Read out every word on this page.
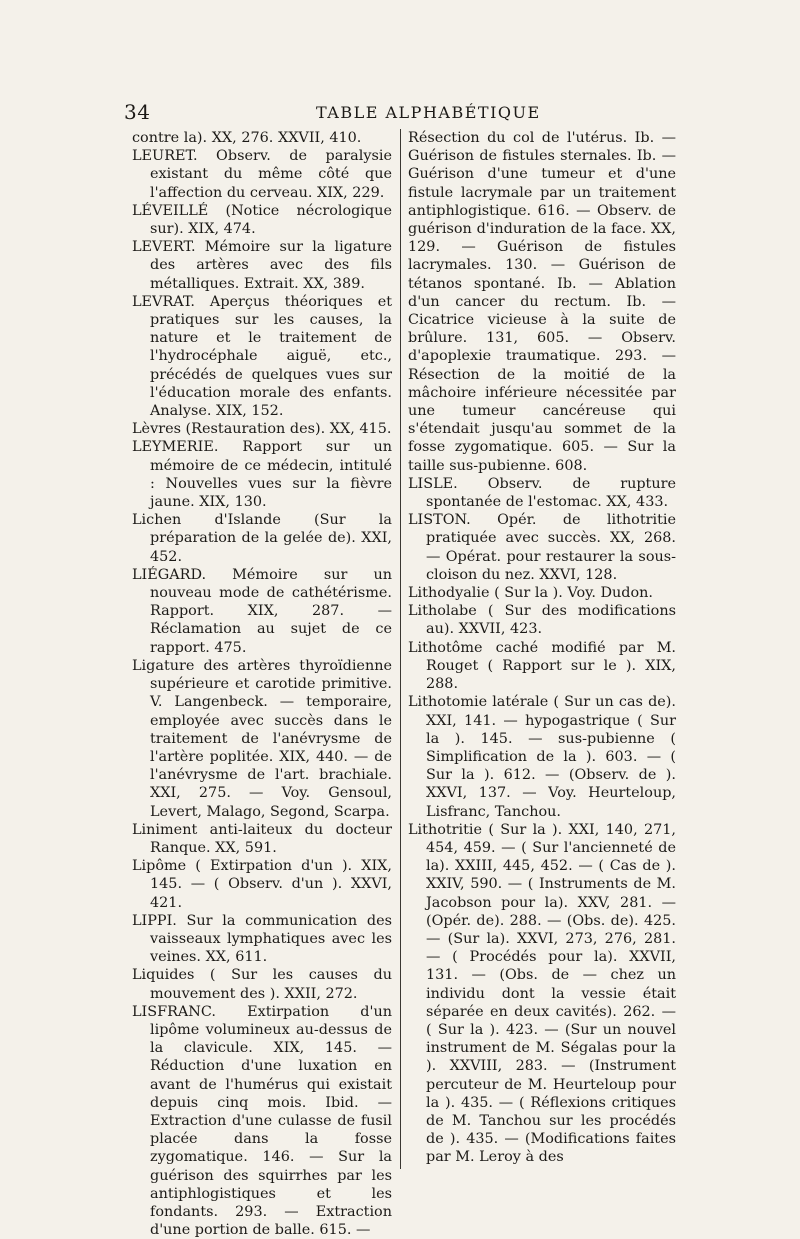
34	TABLE ALPHABÉTIQUE

contre la). XX, 276. XXVII, 410.

LEURET. Observ. de paralysie existant du même côté que l'affection du cerveau. XIX, 229.

LÉVEILLÉ (Notice nécrologique sur). XIX, 474.

LEVERT. Mémoire sur la ligature des artères avec des fils métalliques. Extrait. XX, 389.

LEVRAT. Aperçus théoriques et pratiques sur les causes, la nature et le traitement de l'hydrocéphale aiguë, etc., précédés de quelques vues sur l'éducation morale des enfants. Analyse. XIX, 152.

Lèvres (Restauration des). XX, 415.

LEYMERIE. Rapport sur un mémoire de ce médecin, intitulé : Nouvelles vues sur la fièvre jaune. XIX, 130.

Lichen d'Islande (Sur la préparation de la gelée de). XXI, 452.

LIÉGARD. Mémoire sur un nouveau mode de cathétérisme. Rapport. XIX, 287. — Réclamation au sujet de ce rapport. 475.

Ligature des artères thyroïdienne supérieure et carotide primitive. V. Langenbeck. — temporaire, employée avec succès dans le traitement de l'anévrysme de l'artère poplitée. XIX, 440. — de l'anévrysme de l'art. brachiale. XXI, 275. — Voy. Gensoul, Levert, Malago, Segond, Scarpa.

Liniment anti-laiteux du docteur Ranque. XX, 591.

Lipôme ( Extirpation d'un ). XIX, 145. — ( Observ. d'un ). XXVI, 421.

LIPPI. Sur la communication des vaisseaux lymphatiques avec les veines. XX, 611.

Liquides ( Sur les causes du mouvement des ). XXII, 272.

LISFRANC. Extirpation d'un lipôme volumineux au-dessus de la clavicule. XIX, 145. — Réduction d'une luxation en avant de l'humérus qui existait depuis cinq mois. Ibid. — Extraction d'une culasse de fusil placée dans la fosse zygomatique. 146. — Sur la guérison des squirrhes par les antiphlogistiques et les fondants. 293. — Extraction d'une portion de balle. 615. —

Résection du col de l'utérus. Ib. — Guérison de fistules sternales. Ib. — Guérison d'une tumeur et d'une fistule lacrymale par un traitement antiphlogistique. 616. — Observ. de guérison d'induration de la face. XX, 129. — Guérison de fistules lacrymales. 130. — Guérison de tétanos spontané. Ib. — Ablation d'un cancer du rectum. Ib. — Cicatrice vicieuse à la suite de brûlure. 131, 605. — Observ. d'apoplexie traumatique. 293. — Résection de la moitié de la mâchoire inférieure nécessitée par une tumeur cancéreuse qui s'étendait jusqu'au sommet de la fosse zygomatique. 605. — Sur la taille sus-pubienne. 608.

LISLE. Observ. de rupture spontanée de l'estomac. XX, 433.

LISTON. Opér. de lithotritie pratiquée avec succès. XX, 268. — Opérat. pour restaurer la sous-cloison du nez. XXVI, 128.

Lithodyalie ( Sur la ). Voy. Dudon.

Litholabe ( Sur des modifications au). XXVII, 423.

Lithotôme caché modifié par M. Rouget ( Rapport sur le ). XIX, 288.

Lithotomie latérale ( Sur un cas de). XXI, 141. — hypogastrique ( Sur la ). 145. — sus-pubienne ( Simplification de la ). 603. — ( Sur la ). 612. — (Observ. de ). XXVI, 137. — Voy. Heurteloup, Lisfranc, Tanchou.

Lithotritie ( Sur la ). XXI, 140, 271, 454, 459. — ( Sur l'ancienneté de la). XXIII, 445, 452. — ( Cas de ). XXIV, 590. — ( Instruments de M. Jacobson pour la). XXV, 281. — (Opér. de). 288. — (Obs. de). 425. — (Sur la). XXVI, 273, 276, 281. — ( Procédés pour la). XXVII, 131. — (Obs. de — chez un individu dont la vessie était séparée en deux cavités). 262. — ( Sur la ). 423. — (Sur un nouvel instrument de M. Ségalas pour la ). XXVIII, 283. — (Instrument percuteur de M. Heurteloup pour la ). 435. — ( Réflexions critiques de M. Tanchou sur les procédés de ). 435. — (Modifications faites par M. Leroy à des
